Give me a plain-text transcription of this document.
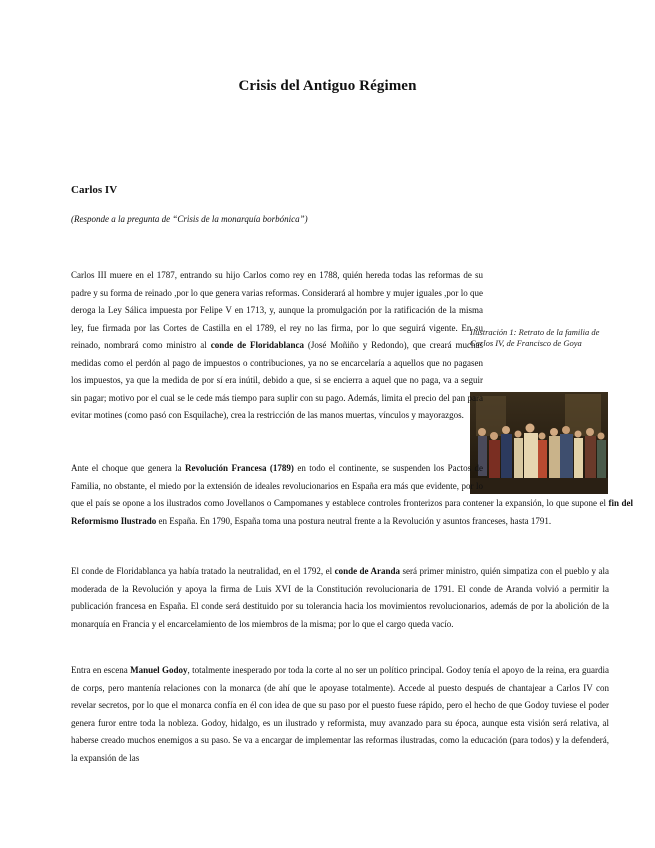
Crisis del Antiguo Régimen
Carlos IV
(Responde a la pregunta de “Crisis de la monarquía borbónica”)

Ilustración 1: Retrato de la familia de Carlos IV, de Francisco de Goya

Carlos III muere en el 1787, entrando su hijo Carlos como rey en 1788, quién hereda todas las reformas de su padre y su forma de reinado ,por lo que genera varias reformas. Considerará al hombre y mujer iguales ,por lo que deroga la Ley Sálica impuesta por Felipe V en 1713, y, aunque la promulgación por la ratificación de la misma ley, fue firmada por las Cortes de Castilla en el 1789, el rey no las firma, por lo que seguirá vigente. En su reinado, nombrará como ministro al conde de Floridablanca (José Moñiño y Redondo), que creará muchas medidas como el perdón al pago de impuestos o contribuciones, ya no se encarcelaría a aquellos que no pagasen los impuestos, ya que la medida de por sí era inútil, debido a que, si se encierra a aquel que no paga, va a seguir sin pagar; motivo por el cual se le cede más tiempo para suplir con su pago. Además, limita el precio del pan para evitar motines (como pasó con Esquilache), crea la restricción de las manos muertas, vínculos y mayorazgos.

Ante el choque que genera la Revolución Francesa (1789) en todo el continente, se suspenden los Pactos de Familia, no obstante, el miedo por la extensión de ideales revolucionarios en España era más que evidente, por lo que el país se opone a los ilustrados como Jovellanos o Campomanes y establece controles fronterizos para contener la expansión, lo que supone el fin del Reformismo Ilustrado en España. En 1790, España toma una postura neutral frente a la Revolución y asuntos franceses, hasta 1791.

El conde de Floridablanca ya había tratado la neutralidad, en el 1792, el conde de Aranda será primer ministro, quién simpatiza con el pueblo y ala moderada de la Revolución y apoya la firma de Luis XVI de la Constitución revolucionaria de 1791. El conde de Aranda volvió a permitir la publicación francesa en España. El conde será destituido por su tolerancia hacia los movimientos revolucionarios, además de por la abolición de la monarquía en Francia y el encarcelamiento de los miembros de la misma; por lo que el cargo queda vacío.

Entra en escena Manuel Godoy, totalmente inesperado por toda la corte al no ser un político principal. Godoy tenía el apoyo de la reina, era guardia de corps, pero mantenía relaciones con la monarca (de ahí que le apoyase totalmente). Accede al puesto después de chantajear a Carlos IV con revelar secretos, por lo que el monarca confía en él con idea de que su paso por el puesto fuese rápido, pero el hecho de que Godoy tuviese el poder genera furor entre toda la nobleza. Godoy, hidalgo, es un ilustrado y reformista, muy avanzado para su época, aunque esta visión será relativa, al haberse creado muchos enemigos a su paso. Se va a encargar de implementar las reformas ilustradas, como la educación (para todos) y la defenderá, la expansión de las
